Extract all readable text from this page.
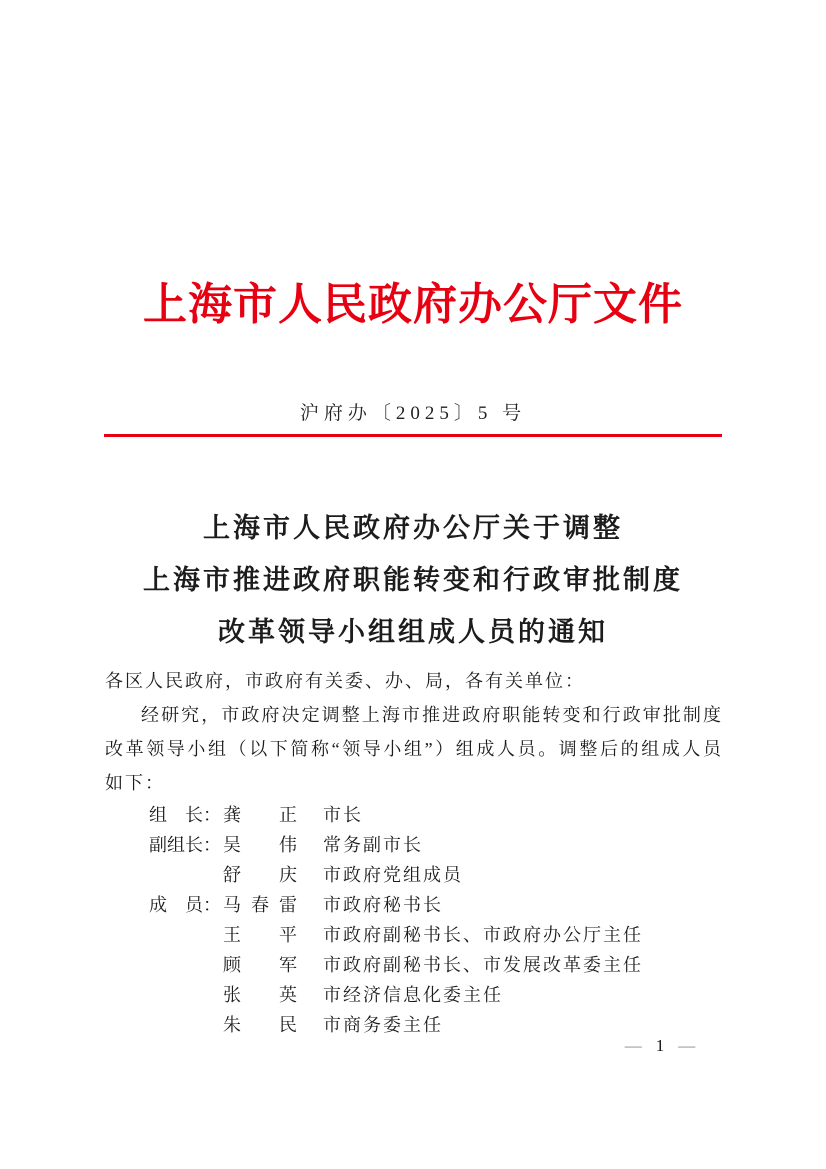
上海市人民政府办公厅文件
沪府办〔2025〕5 号
上海市人民政府办公厅关于调整
上海市推进政府职能转变和行政审批制度
改革领导小组组成人员的通知

各区人民政府，市政府有关委、办、局，各有关单位：

经研究，市政府决定调整上海市推进政府职能转变和行政审批制度改革领导小组（以下简称“领导小组”）组成人员。调整后的组成人员如下：

组　长： 龚 正 市长
副组长： 吴 伟 常务副市长
舒 庆 市政府党组成员
成　员： 马 春 雷 市政府秘书长
王 平 市政府副秘书长、市政府办公厅主任
顾 军 市政府副秘书长、市发展改革委主任
张 英 市经济信息化委主任
朱 民 市商务委主任
— 1 —
